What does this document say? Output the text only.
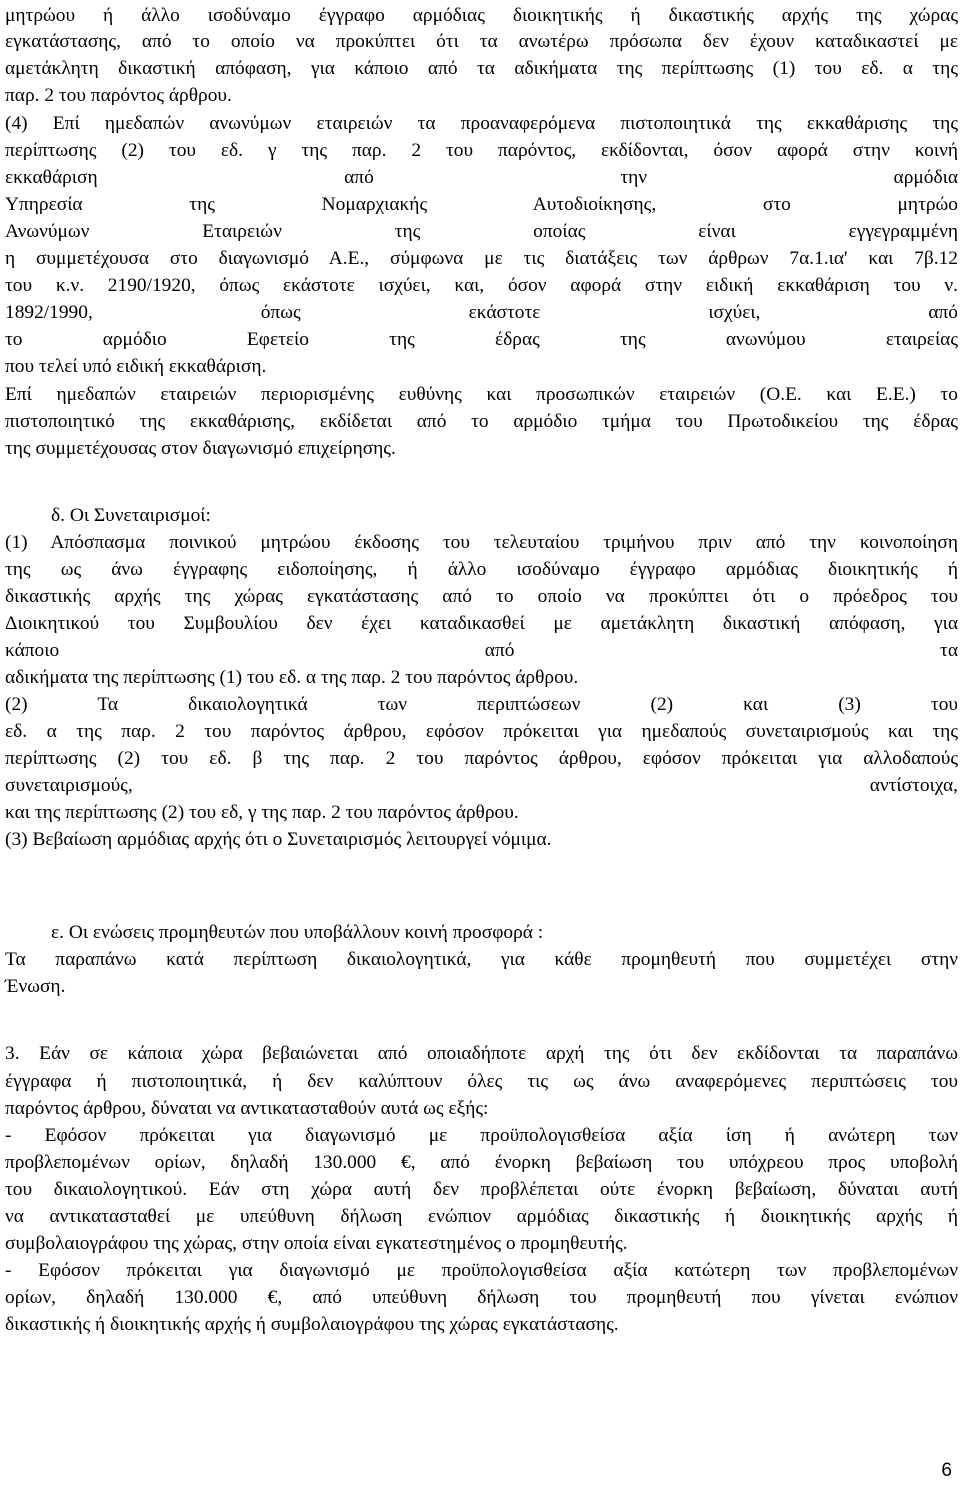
μητρώου ή άλλο ισοδύναμο έγγραφο αρμόδιας διοικητικής ή δικαστικής αρχής της χώρας
εγκατάστασης, από το οποίο να προκύπτει ότι τα ανωτέρω πρόσωπα δεν έχουν καταδικαστεί με
αμετάκλητη δικαστική απόφαση, για κάποιο από τα αδικήματα της περίπτωσης (1) του εδ. α της
παρ. 2 του παρόντος άρθρου.
(4) Επί ημεδαπών ανωνύμων εταιρειών τα προαναφερόμενα πιστοποιητικά της εκκαθάρισης της
περίπτωσης (2) του εδ. γ της παρ. 2 του παρόντος, εκδίδονται, όσον αφορά στην κοινή
εκκαθάριση από την αρμόδια
Υπηρεσία της Νομαρχιακής Αυτοδιοίκησης, στο μητρώο
Ανωνύμων Εταιρειών της οποίας είναι εγγεγραμμένη
η συμμετέχουσα στο διαγωνισμό Α.Ε., σύμφωνα με τις διατάξεις των άρθρων 7α.1.ια' και 7β.12
του κ.ν. 2190/1920, όπως εκάστοτε ισχύει, και, όσον αφορά στην ειδική εκκαθάριση του ν.
1892/1990, όπως εκάστοτε ισχύει, από
το αρμόδιο Εφετείο της έδρας της ανωνύμου εταιρείας
που τελεί υπό ειδική εκκαθάριση.
Επί ημεδαπών εταιρειών περιορισμένης ευθύνης και προσωπικών εταιρειών (Ο.Ε. και Ε.Ε.) το
πιστοποιητικό της εκκαθάρισης, εκδίδεται από το αρμόδιο τμήμα του Πρωτοδικείου της έδρας
της συμμετέχουσας στον διαγωνισμό επιχείρησης.
δ. Οι Συνεταιρισμοί:
(1) Απόσπασμα ποινικού μητρώου έκδοσης του τελευταίου τριμήνου πριν από την κοινοποίηση
της ως άνω έγγραφης ειδοποίησης, ή άλλο ισοδύναμο έγγραφο αρμόδιας διοικητικής ή
δικαστικής αρχής της χώρας εγκατάστασης από το οποίο να προκύπτει ότι ο πρόεδρος του
Διοικητικού του Συμβουλίου δεν έχει καταδικασθεί με αμετάκλητη δικαστική απόφαση, για
κάποιο από τα
αδικήματα της περίπτωσης (1) του εδ. α της παρ. 2 του παρόντος άρθρου.
(2) Τα δικαιολογητικά των περιπτώσεων (2) και (3) του
εδ. α της παρ. 2 του παρόντος άρθρου, εφόσον πρόκειται για ημεδαπούς συνεταιρισμούς και της
περίπτωσης (2) του εδ. β της παρ. 2 του παρόντος άρθρου, εφόσον πρόκειται για αλλοδαπούς
συνεταιρισμούς, αντίστοιχα,
και της περίπτωσης (2) του εδ, γ της παρ. 2 του παρόντος άρθρου.
(3) Βεβαίωση αρμόδιας αρχής ότι ο Συνεταιρισμός λειτουργεί νόμιμα.
ε. Οι ενώσεις προμηθευτών που υποβάλλουν κοινή προσφορά :
Τα παραπάνω κατά περίπτωση δικαιολογητικά, για κάθε προμηθευτή που συμμετέχει στην
Ένωση.
3. Εάν σε κάποια χώρα βεβαιώνεται από οποιαδήποτε αρχή της ότι δεν εκδίδονται τα παραπάνω
έγγραφα ή πιστοποιητικά, ή δεν καλύπτουν όλες τις ως άνω αναφερόμενες περιπτώσεις του
παρόντος άρθρου, δύναται να αντικατασταθούν αυτά ως εξής:
- Εφόσον πρόκειται για διαγωνισμό με προϋπολογισθείσα αξία ίση ή ανώτερη των
προβλεπομένων ορίων, δηλαδή 130.000 €, από ένορκη βεβαίωση του υπόχρεου προς υποβολή
του δικαιολογητικού. Εάν στη χώρα αυτή δεν προβλέπεται ούτε ένορκη βεβαίωση, δύναται αυτή
να αντικατασταθεί με υπεύθυνη δήλωση ενώπιον αρμόδιας δικαστικής ή διοικητικής αρχής ή
συμβολαιογράφου της χώρας, στην οποία είναι εγκατεστημένος ο προμηθευτής.
- Εφόσον πρόκειται για διαγωνισμό με προϋπολογισθείσα αξία κατώτερη των προβλεπομένων
ορίων, δηλαδή 130.000 €, από υπεύθυνη δήλωση του προμηθευτή που γίνεται ενώπιον
δικαστικής ή διοικητικής αρχής ή συμβολαιογράφου της χώρας εγκατάστασης.
6
